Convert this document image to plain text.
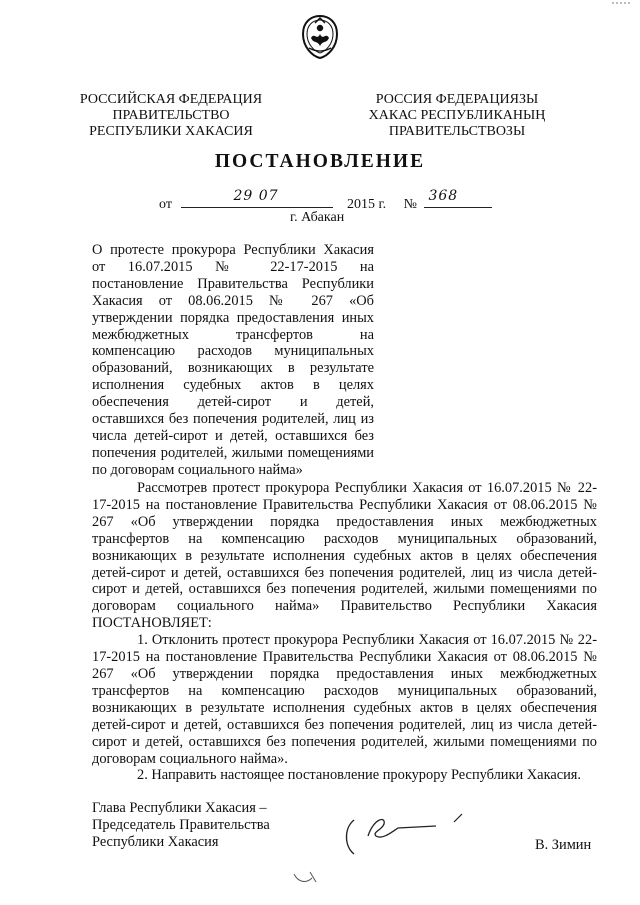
РОССИЙСКАЯ ФЕДЕРАЦИЯ
ПРАВИТЕЛЬСТВО
РЕСПУБЛИКИ ХАКАСИЯ
РОССИЯ ФЕДЕРАЦИЯЗЫ
ХАКАС РЕСПУБЛИКАНЫҢ
ПРАВИТЕЛЬСТВОЗЫ
ПОСТАНОВЛЕНИЕ
от
29 07
2015 г. №
368
г. Абакан
О протесте прокурора Республики Хакасия от 16.07.2015 № 22-17-2015 на постановление Правительства Республики Хакасия от 08.06.2015 № 267 «Об утверждении порядка предоставления иных межбюджетных трансфертов на компенсацию расходов муниципальных образований, возникающих в результате исполнения судебных актов в целях обеспечения детей-сирот и детей, оставшихся без попечения родителей, лиц из числа детей-сирот и детей, оставшихся без попечения родителей, жилыми помещениями по договорам социального найма»

Рассмотрев протест прокурора Республики Хакасия от 16.07.2015 № 22-17-2015 на постановление Правительства Республики Хакасия от 08.06.2015 № 267 «Об утверждении порядка предоставления иных межбюджетных трансфертов на компенсацию расходов муниципальных образований, возникающих в результате исполнения судебных актов в целях обеспечения детей-сирот и детей, оставшихся без попечения родителей, лиц из числа детей-сирот и детей, оставшихся без попечения родителей, жилыми помещениями по договорам социального найма» Правительство Республики Хакасия ПОСТАНОВЛЯЕТ:

1. Отклонить протест прокурора Республики Хакасия от 16.07.2015 № 22-17-2015 на постановление Правительства Республики Хакасия от 08.06.2015 № 267 «Об утверждении порядка предоставления иных межбюджетных трансфертов на компенсацию расходов муниципальных образований, возникающих в результате исполнения судебных актов в целях обеспечения детей-сирот и детей, оставшихся без попечения родителей, лиц из числа детей-сирот и детей, оставшихся без попечения родителей, жилыми помещениями по договорам социального найма».

2. Направить настоящее постановление прокурору Республики Хакасия.

Глава Республики Хакасия –
Председатель Правительства
Республики Хакасия	В. Зимин
